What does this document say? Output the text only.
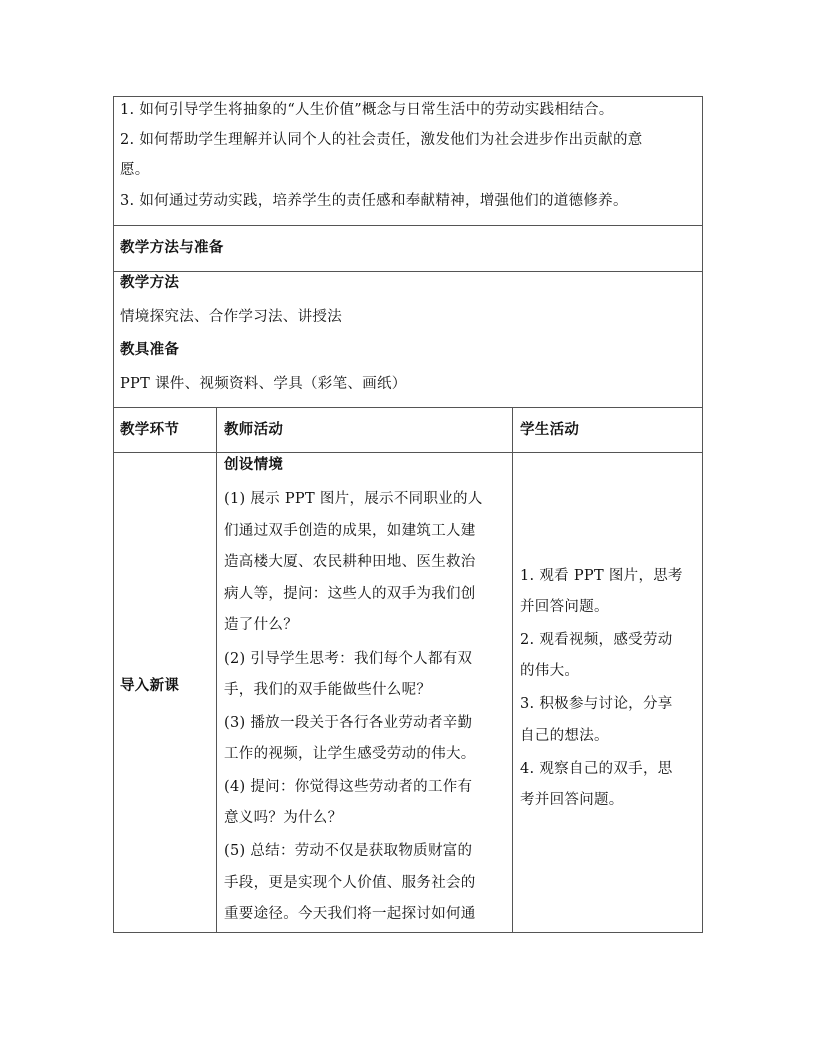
1. 如何引导学生将抽象的“人生价值”概念与日常生活中的劳动实践相结合。
2. 如何帮助学生理解并认同个人的社会责任，激发他们为社会进步作出贡献的意
愿。
3. 如何通过劳动实践，培养学生的责任感和奉献精神，增强他们的道德修养。
教学方法与准备
教学方法
情境探究法、合作学习法、讲授法
教具准备
PPT 课件、视频资料、学具（彩笔、画纸）
教学环节	教师活动	学生活动
导入新课
创设情境
(1) 展示 PPT 图片，展示不同职业的人
们通过双手创造的成果，如建筑工人建
造高楼大厦、农民耕种田地、医生救治
病人等，提问：这些人的双手为我们创
造了什么？
(2) 引导学生思考：我们每个人都有双
手，我们的双手能做些什么呢？
(3) 播放一段关于各行各业劳动者辛勤
工作的视频，让学生感受劳动的伟大。
(4) 提问：你觉得这些劳动者的工作有
意义吗？为什么？
(5) 总结：劳动不仅是获取物质财富的
手段，更是实现个人价值、服务社会的
重要途径。今天我们将一起探讨如何通
1. 观看 PPT 图片，思考
并回答问题。
2. 观看视频，感受劳动
的伟大。
3. 积极参与讨论，分享
自己的想法。
4. 观察自己的双手，思
考并回答问题。
